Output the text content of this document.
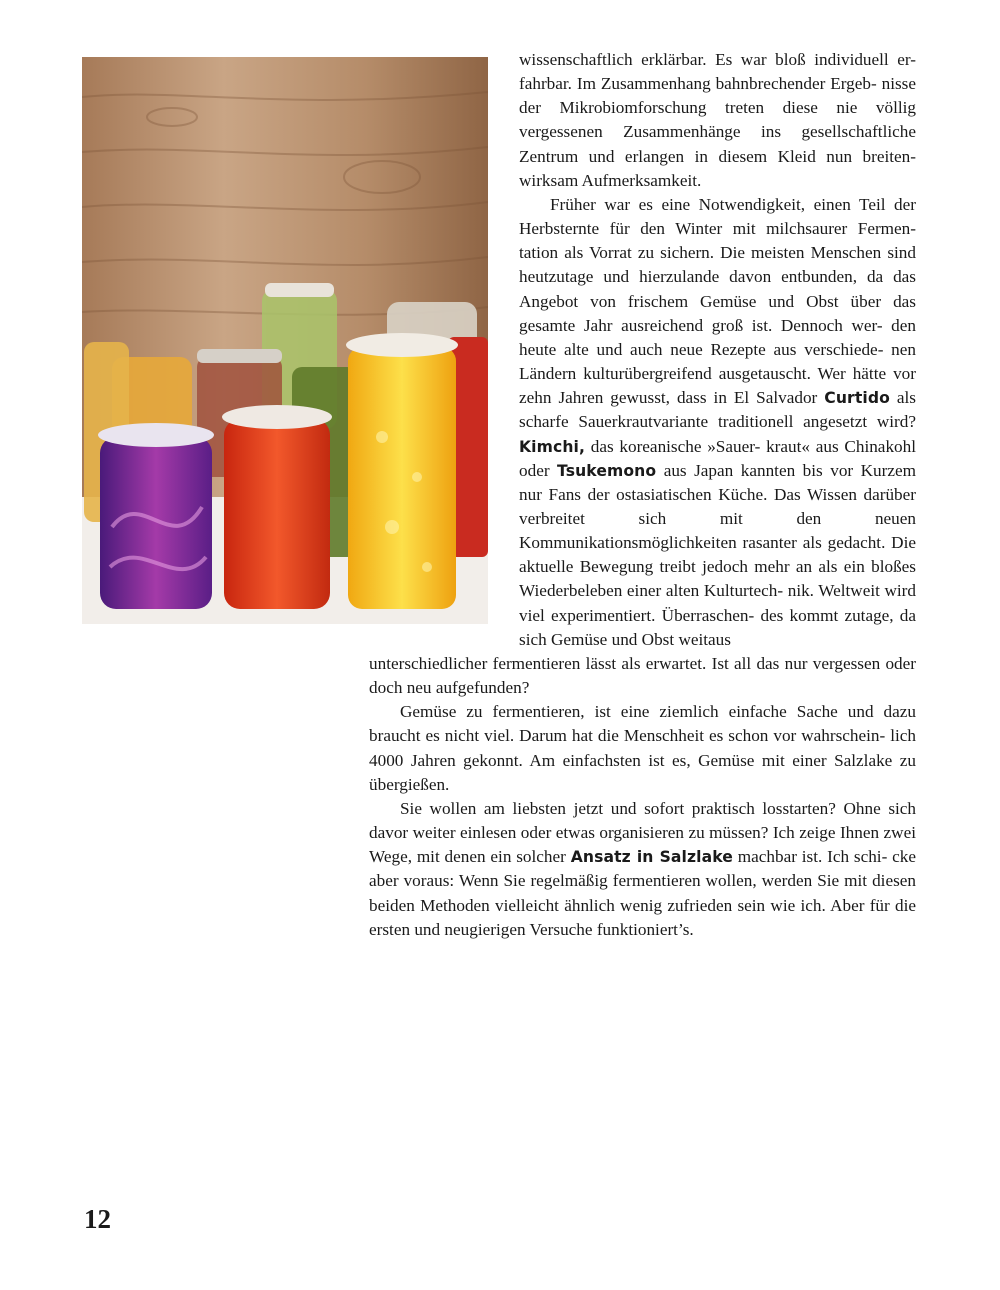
wissenschaftlich erklärbar. Es war bloß individuell er- fahrbar. Im Zusammenhang bahnbrechender Ergeb- nisse der Mikrobiomforschung treten diese nie völlig vergessenen Zusammenhänge ins gesellschaftliche Zentrum und erlangen in diesem Kleid nun breiten- wirksam Aufmerksamkeit.

Früher war es eine Notwendigkeit, einen Teil der Herbsternte für den Winter mit milchsaurer Fermen- tation als Vorrat zu sichern. Die meisten Menschen sind heutzutage und hierzulande davon entbunden, da das Angebot von frischem Gemüse und Obst über das gesamte Jahr ausreichend groß ist. Dennoch wer- den heute alte und auch neue Rezepte aus verschiede- nen Ländern kulturübergreifend ausgetauscht. Wer hätte vor zehn Jahren gewusst, dass in El Salvador Curtido als scharfe Sauerkrautvariante traditionell angesetzt wird? Kimchi, das koreanische »Sauer- kraut« aus Chinakohl oder Tsukemono aus Japan kannten bis vor Kurzem nur Fans der ostasiatischen Küche. Das Wissen darüber verbreitet sich mit den neuen Kommunikationsmöglichkeiten rasanter als gedacht. Die aktuelle Bewegung treibt jedoch mehr an als ein bloßes Wiederbeleben einer alten Kulturtech- nik. Weltweit wird viel experimentiert. Überraschen- des kommt zutage, da sich Gemüse und Obst weitaus

unterschiedlicher fermentieren lässt als erwartet. Ist all das nur vergessen oder doch neu aufgefunden?

Gemüse zu fermentieren, ist eine ziemlich einfache Sache und dazu braucht es nicht viel. Darum hat die Menschheit es schon vor wahrschein- lich 4000 Jahren gekonnt. Am einfachsten ist es, Gemüse mit einer Salzlake zu übergießen.

Sie wollen am liebsten jetzt und sofort praktisch losstarten? Ohne sich davor weiter einlesen oder etwas organisieren zu müssen? Ich zeige Ihnen zwei Wege, mit denen ein solcher Ansatz in Salzlake machbar ist. Ich schi- cke aber voraus: Wenn Sie regelmäßig fermentieren wollen, werden Sie mit diesen beiden Methoden vielleicht ähnlich wenig zufrieden sein wie ich. Aber für die ersten und neugierigen Versuche funktioniert’s.

12
